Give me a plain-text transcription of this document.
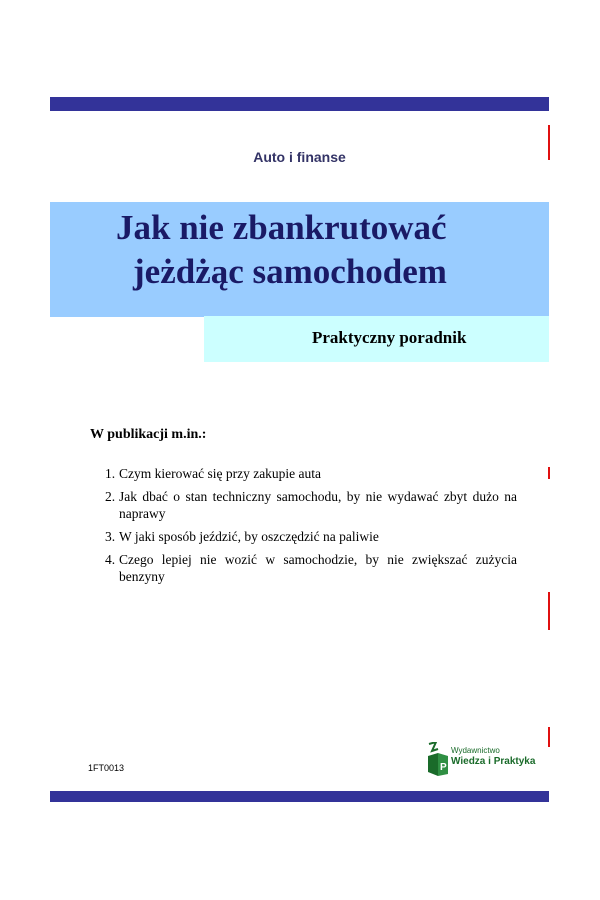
Auto i finanse
Jak nie zbankrutować
jeżdżąc samochodem
Praktyczny poradnik
W publikacji m.in.:
1. Czym kierować się przy zakupie auta
2. Jak dbać o stan techniczny samochodu, by nie wydawać zbyt dużo na naprawy
3. W jaki sposób jeździć, by oszczędzić na paliwie
4. Czego lepiej nie wozić w samochodzie, by nie zwiększać zużycia benzyny
1FT0013	P
Wydawnictwo
Wiedza i Praktyka
